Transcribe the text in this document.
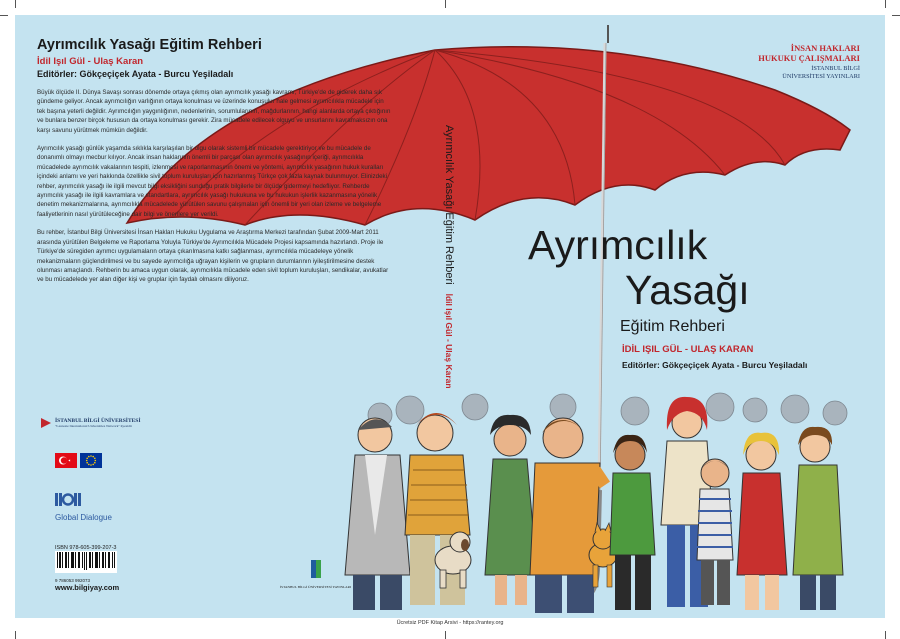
Ayrımcılık Yasağı Eğitim Rehberi
İdil Işıl Gül - Ulaş Karan
Editörler: Gökçeçiçek Ayata - Burcu Yeşiladalı

Büyük ölçüde II. Dünya Savaşı sonrası dönemde ortaya çıkmış olan ayrımcılık yasağı kavramı, Türkiye'de de giderek daha sık gündeme geliyor. Ancak ayrımcılığın varlığının ortaya konulması ve üzerinde konuşulur hale gelmesi ayrımcılıkla mücadele için tek başına yeterli değildir. Ayrımcılığın yaygınlığının, nedenlerinin, sorumlularının, mağdurlarının, hangi alanlarda ortaya çıktığının ve bunlara benzer birçok hususun da ortaya konulması gerekir. Zira mücadele edilecek olguyu ve unsurlarını kavramaksızın ona karşı savunu yürütmek mümkün değildir.

Ayrımcılık yasağı günlük yaşamda sıklıkla karşılaşılan bir olgu olarak sistemli bir mücadele gerektiriyor ve bu mücadele de donanımlı olmayı mecbur kılıyor. Ancak insan haklarının önemli bir parçası olan ayrımcılık yasağının içeriği, ayrımcılıkla mücadelede ayrımcılık vakalarının tespiti, izlenmesi ve raporlanmasının önemi ve yöntemi, ayrımcılık yasağının hukuk kuralları içindeki anlamı ve yeri hakkında özellikle sivil toplum kuruluşları için hazırlanmış Türkçe çok fazla kaynak bulunmuyor. Elinizdeki rehber, ayrımcılık yasağı ile ilgili mevcut bilgi eksikliğini sunduğu pratik bilgilerle bir ölçüde gidermeyi hedefliyor. Rehberde ayrımcılık yasağı ile ilgili kavramlara ve standartlara, ayrımcılık yasağı hukukuna ve bu hukukun işlerlik kazanmasına yönelik denetim mekanizmalarına, ayrımcılıkla mücadelede yürütülen savunu çalışmaları için önemli bir yeri olan izleme ve belgeleme faaliyetlerinin nasıl yürütüleceğine dair bilgi ve önerilere yer verildi.

Bu rehber, İstanbul Bilgi Üniversitesi İnsan Hakları Hukuku Uygulama ve Araştırma Merkezi tarafından Şubat 2009-Mart 2011 arasında yürütülen Belgeleme ve Raporlama Yoluyla Türkiye'de Ayrımcılıkla Mücadele Projesi kapsamında hazırlandı. Proje ile Türkiye'de süregiden ayrımcı uygulamaların ortaya çıkarılmasına katkı sağlanması, ayrımcılıkla mücadeleye yönelik mekanizmaların güçlendirilmesi ve bu sayede ayrımcılığa uğrayan kişilerin ve grupların durumlarının iyileştirilmesine destek olunması amaçlandı. Rehberin bu amaca uygun olarak, ayrımcılıkla mücadele eden sivil toplum kuruluşları, sendikalar, avukatlar ve bu mücadelede yer alan diğer kişi ve gruplar için faydalı olmasını diliyoruz.

İSTANBUL BİLGİ ÜNİVERSİTESİ
"Laureate International Universities Network" üyesidir
Global Dialogue
ISBN 978-605-399-207-3
9 786053 992073
www.bilgiyay.com
Ayrımcılık Yasağı Eğitim Rehberi İdil Işıl Gül - Ulaş Karan
İSTANBUL BİLGİ ÜNİVERSİTESİ YAYINLARI
İNSAN HAKLARI
HUKUKU ÇALIŞMALARI
İSTANBUL BİLGİ
ÜNİVERSİTESİ YAYINLARI
Ayrımcılık
Yasağı
Eğitim Rehberi
İDİL IŞIL GÜL - ULAŞ KARAN
Editörler: Gökçeçiçek Ayata - Burcu Yeşiladalı
Ücretsiz PDF Kitap Arsivi - https://rantey.org
